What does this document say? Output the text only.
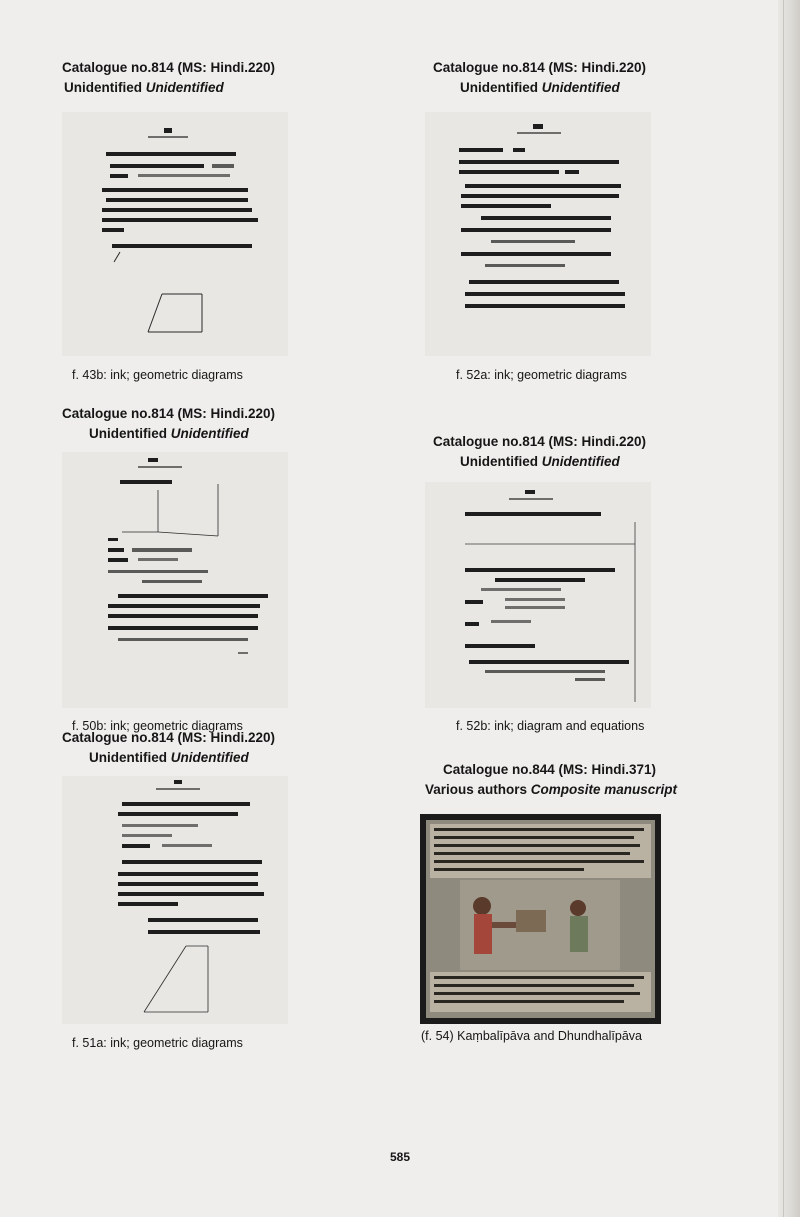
Catalogue no.814 (MS: Hindi.220)
Unidentified Unidentified
f. 43b: ink; geometric diagrams
Catalogue no.814 (MS: Hindi.220)
Unidentified Unidentified
f. 52a: ink; geometric diagrams
Catalogue no.814 (MS: Hindi.220)
Unidentified Unidentified
f. 50b: ink; geometric diagrams
Catalogue no.814 (MS: Hindi.220)
Unidentified Unidentified
f. 52b: ink; diagram and equations
Catalogue no.814 (MS: Hindi.220)
Unidentified Unidentified
f. 51a: ink; geometric diagrams
Catalogue no.844 (MS: Hindi.371)
Various authors Composite manuscript
(f. 54) Kaṃbalīpāva and Dhundhalīpāva
585
